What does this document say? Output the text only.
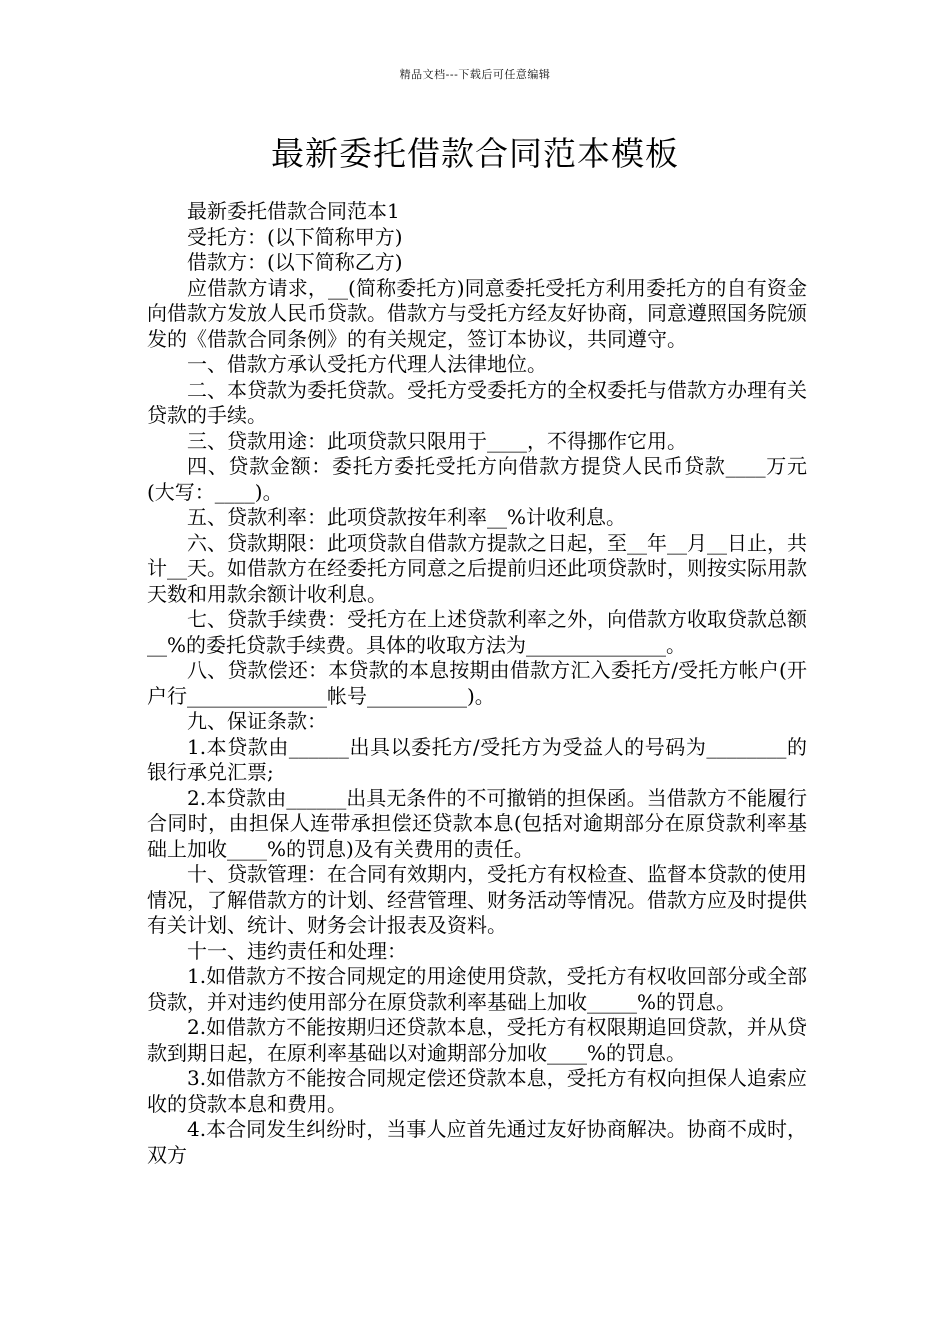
精品文档---下载后可任意编辑
最新委托借款合同范本模板

最新委托借款合同范本1

受托方：(以下简称甲方)

借款方：(以下简称乙方)

应借款方请求，__(简称委托方)同意委托受托方利用委托方的自有资金向借款方发放人民币贷款。借款方与受托方经友好协商，同意遵照国务院颁发的《借款合同条例》的有关规定，签订本协议，共同遵守。

一、借款方承认受托方代理人法律地位。

二、本贷款为委托贷款。受托方受委托方的全权委托与借款方办理有关贷款的手续。

三、贷款用途：此项贷款只限用于____，不得挪作它用。

四、贷款金额：委托方委托受托方向借款方提贷人民币贷款____万元(大写：____)。

五、贷款利率：此项贷款按年利率__%计收利息。

六、贷款期限：此项贷款自借款方提款之日起，至__年__月__日止，共计__天。如借款方在经委托方同意之后提前归还此项贷款时，则按实际用款天数和用款余额计收利息。

七、贷款手续费：受托方在上述贷款利率之外，向借款方收取贷款总额__%的委托贷款手续费。具体的收取方法为______________。

八、贷款偿还：本贷款的本息按期由借款方汇入委托方/受托方帐户(开户行______________帐号__________)。

九、保证条款：

1.本贷款由______出具以委托方/受托方为受益人的号码为________的银行承兑汇票;

2.本贷款由______出具无条件的不可撤销的担保函。当借款方不能履行合同时，由担保人连带承担偿还贷款本息(包括对逾期部分在原贷款利率基础上加收____%的罚息)及有关费用的责任。

十、贷款管理：在合同有效期内，受托方有权检查、监督本贷款的使用情况，了解借款方的计划、经营管理、财务活动等情况。借款方应及时提供有关计划、统计、财务会计报表及资料。

十一、违约责任和处理：

1.如借款方不按合同规定的用途使用贷款，受托方有权收回部分或全部贷款，并对违约使用部分在原贷款利率基础上加收_____%的罚息。

2.如借款方不能按期归还贷款本息，受托方有权限期追回贷款，并从贷款到期日起，在原利率基础以对逾期部分加收____%的罚息。

3.如借款方不能按合同规定偿还贷款本息，受托方有权向担保人追索应收的贷款本息和费用。

4.本合同发生纠纷时，当事人应首先通过友好协商解决。协商不成时，双方
